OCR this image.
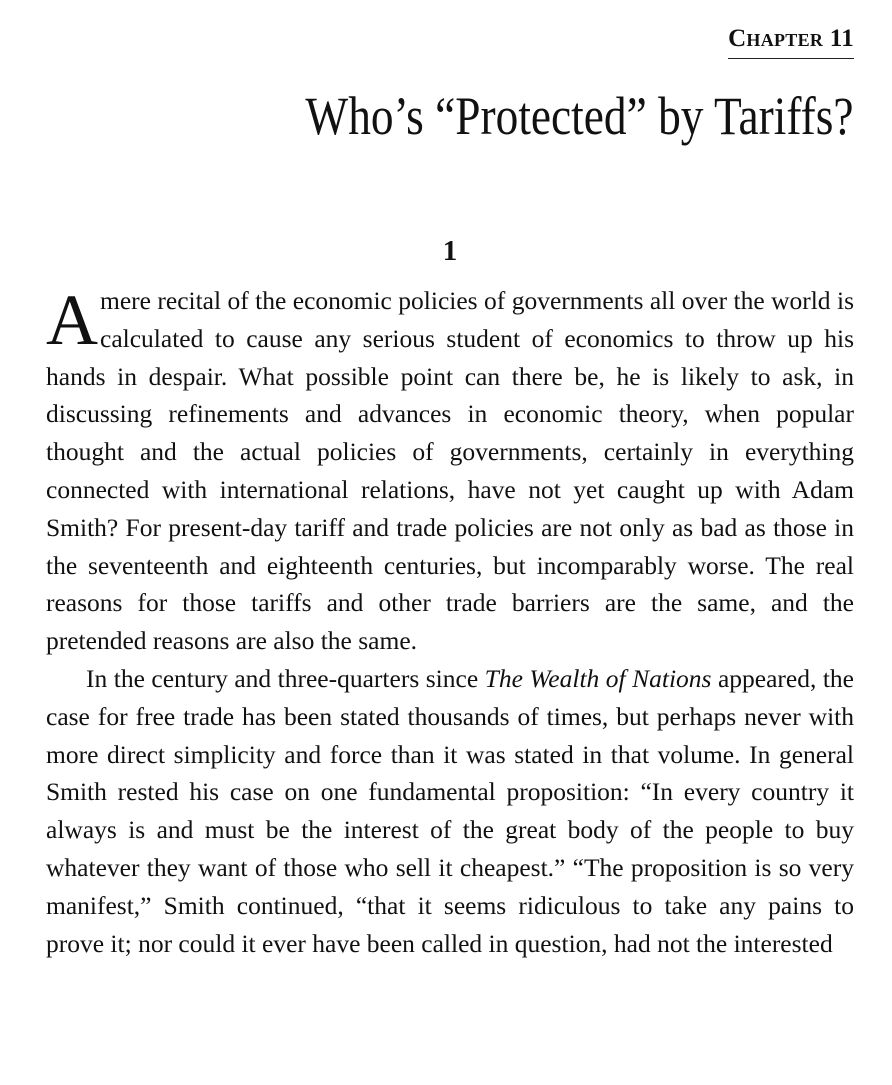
Chapter 11
Who’s “Protected” by Tariffs?
1

A mere recital of the economic policies of governments all over the world is calculated to cause any serious student of economics to throw up his hands in despair. What possible point can there be, he is likely to ask, in discussing refinements and advances in economic theory, when popular thought and the actual policies of governments, certainly in everything connected with international relations, have not yet caught up with Adam Smith? For present-day tariff and trade policies are not only as bad as those in the seventeenth and eighteenth centuries, but incomparably worse. The real reasons for those tariffs and other trade barriers are the same, and the pretended reasons are also the same.

In the century and three-quarters since The Wealth of Nations appeared, the case for free trade has been stated thousands of times, but perhaps never with more direct simplicity and force than it was stated in that volume. In general Smith rested his case on one fundamental proposition: “In every country it always is and must be the interest of the great body of the people to buy whatever they want of those who sell it cheapest.” “The proposition is so very manifest,” Smith continued, “that it seems ridiculous to take any pains to prove it; nor could it ever have been called in question, had not the interested
